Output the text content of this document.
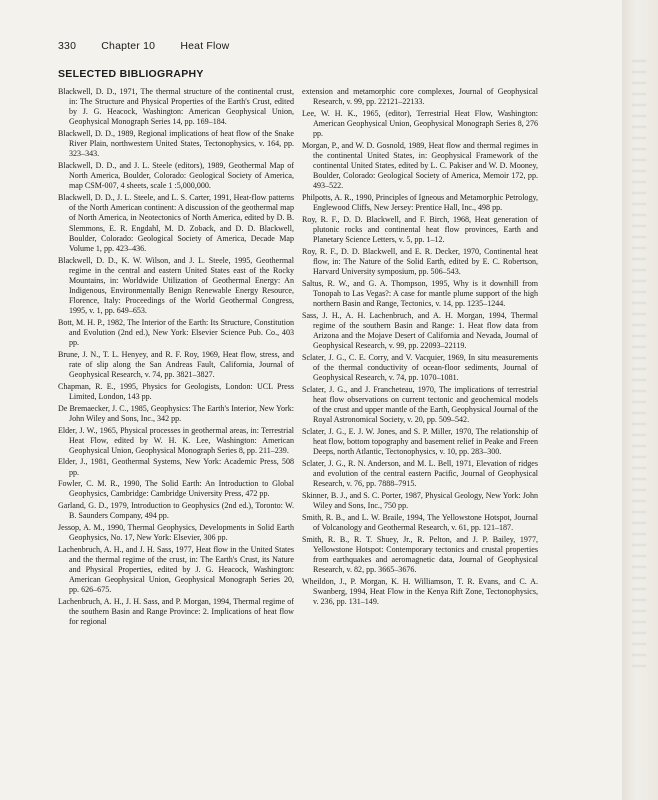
330 Chapter 10 Heat Flow
SELECTED BIBLIOGRAPHY

Blackwell, D. D., 1971, The thermal structure of the continental crust, in: The Structure and Physical Properties of the Earth's Crust, edited by J. G. Heacock, Washington: American Geophysical Union, Geophysical Monograph Series 14, pp. 169–184.

Blackwell, D. D., 1989, Regional implications of heat flow of the Snake River Plain, northwestern United States, Tectonophysics, v. 164, pp. 323–343.

Blackwell, D. D., and J. L. Steele (editors), 1989, Geothermal Map of North America, Boulder, Colorado: Geological Society of America, map CSM-007, 4 sheets, scale 1 :5,000,000.

Blackwell, D. D., J. L. Steele, and L. S. Carter, 1991, Heat-flow patterns of the North American continent: A discussion of the geothermal map of North America, in Neotectonics of North America, edited by D. B. Slemmons, E. R. Engdahl, M. D. Zoback, and D. D. Blackwell, Boulder, Colorado: Geological Society of America, Decade Map Volume 1, pp. 423–436.

Blackwell, D. D., K. W. Wilson, and J. L. Steele, 1995, Geothermal regime in the central and eastern United States east of the Rocky Mountains, in: Worldwide Utilization of Geothermal Energy: An Indigenous, Environmentally Benign Renewable Energy Resource, Florence, Italy: Proceedings of the World Geothermal Congress, 1995, v. 1, pp. 649–653.

Bott, M. H. P., 1982, The Interior of the Earth: Its Structure, Constitution and Evolution (2nd ed.), New York: Elsevier Science Pub. Co., 403 pp.

Brune, J. N., T. L. Henyey, and R. F. Roy, 1969, Heat flow, stress, and rate of slip along the San Andreas Fault, California, Journal of Geophysical Research, v. 74, pp. 3821–3827.

Chapman, R. E., 1995, Physics for Geologists, London: UCL Press Limited, London, 143 pp.

De Bremaecker, J. C., 1985, Geophysics: The Earth's Interior, New York: John Wiley and Sons, Inc., 342 pp.

Elder, J. W., 1965, Physical processes in geothermal areas, in: Terrestrial Heat Flow, edited by W. H. K. Lee, Washington: American Geophysical Union, Geophysical Monograph Series 8, pp. 211–239.

Elder, J., 1981, Geothermal Systems, New York: Academic Press, 508 pp.

Fowler, C. M. R., 1990, The Solid Earth: An Introduction to Global Geophysics, Cambridge: Cambridge University Press, 472 pp.

Garland, G. D., 1979, Introduction to Geophysics (2nd ed.), Toronto: W. B. Saunders Company, 494 pp.

Jessop, A. M., 1990, Thermal Geophysics, Developments in Solid Earth Geophysics, No. 17, New York: Elsevier, 306 pp.

Lachenbruch, A. H., and J. H. Sass, 1977, Heat flow in the United States and the thermal regime of the crust, in: The Earth's Crust, its Nature and Physical Properties, edited by J. G. Heacock, Washington: American Geophysical Union, Geophysical Monograph Series 20, pp. 626–675.

Lachenbruch, A. H., J. H. Sass, and P. Morgan, 1994, Thermal regime of the southern Basin and Range Province: 2. Implications of heat flow for regional

extension and metamorphic core complexes, Journal of Geophysical Research, v. 99, pp. 22121–22133.

Lee, W. H. K., 1965, (editor), Terrestrial Heat Flow, Washington: American Geophysical Union, Geophysical Monograph Series 8, 276 pp.

Morgan, P., and W. D. Gosnold, 1989, Heat flow and thermal regimes in the continental United States, in: Geophysical Framework of the continental United States, edited by L. C. Pakiser and W. D. Mooney, Boulder, Colorado: Geological Society of America, Memoir 172, pp. 493–522.

Philpotts, A. R., 1990, Principles of Igneous and Metamorphic Petrology, Englewood Cliffs, New Jersey: Prentice Hall, Inc., 498 pp.

Roy, R. F., D. D. Blackwell, and F. Birch, 1968, Heat generation of plutonic rocks and continental heat flow provinces, Earth and Planetary Science Letters, v. 5, pp. 1–12.

Roy, R. F., D. D. Blackwell, and E. R. Decker, 1970, Continental heat flow, in: The Nature of the Solid Earth, edited by E. C. Robertson, Harvard University symposium, pp. 506–543.

Saltus, R. W., and G. A. Thompson, 1995, Why is it downhill from Tonopah to Las Vegas?: A case for mantle plume support of the high northern Basin and Range, Tectonics, v. 14, pp. 1235–1244.

Sass, J. H., A. H. Lachenbruch, and A. H. Morgan, 1994, Thermal regime of the southern Basin and Range: 1. Heat flow data from Arizona and the Mojave Desert of California and Nevada, Journal of Geophysical Research, v. 99, pp. 22093–22119.

Sclater, J. G., C. E. Corry, and V. Vacquier, 1969, In situ measurements of the thermal conductivity of ocean-floor sediments, Journal of Geophysical Research, v. 74, pp. 1070–1081.

Sclater, J. G., and J. Francheteau, 1970, The implications of terrestrial heat flow observations on current tectonic and geochemical models of the crust and upper mantle of the Earth, Geophysical Journal of the Royal Astronomical Society, v. 20, pp. 509–542.

Sclater, J. G., E. J. W. Jones, and S. P. Miller, 1970, The relationship of heat flow, bottom topography and basement relief in Peake and Freen Deeps, north Atlantic, Tectonophysics, v. 10, pp. 283–300.

Sclater, J. G., R. N. Anderson, and M. L. Bell, 1971, Elevation of ridges and evolution of the central eastern Pacific, Journal of Geophysical Research, v. 76, pp. 7888–7915.

Skinner, B. J., and S. C. Porter, 1987, Physical Geology, New York: John Wiley and Sons, Inc., 750 pp.

Smith, R. B., and L. W. Braile, 1994, The Yellowstone Hotspot, Journal of Volcanology and Geothermal Research, v. 61, pp. 121–187.

Smith, R. B., R. T. Shuey, Jr., R. Pelton, and J. P. Bailey, 1977, Yellowstone Hotspot: Contemporary tectonics and crustal properties from earthquakes and aeromagnetic data, Journal of Geophysical Research, v. 82, pp. 3665–3676.

Wheildon, J., P. Morgan, K. H. Williamson, T. R. Evans, and C. A. Swanberg, 1994, Heat Flow in the Kenya Rift Zone, Tectonophysics, v. 236, pp. 131–149.
